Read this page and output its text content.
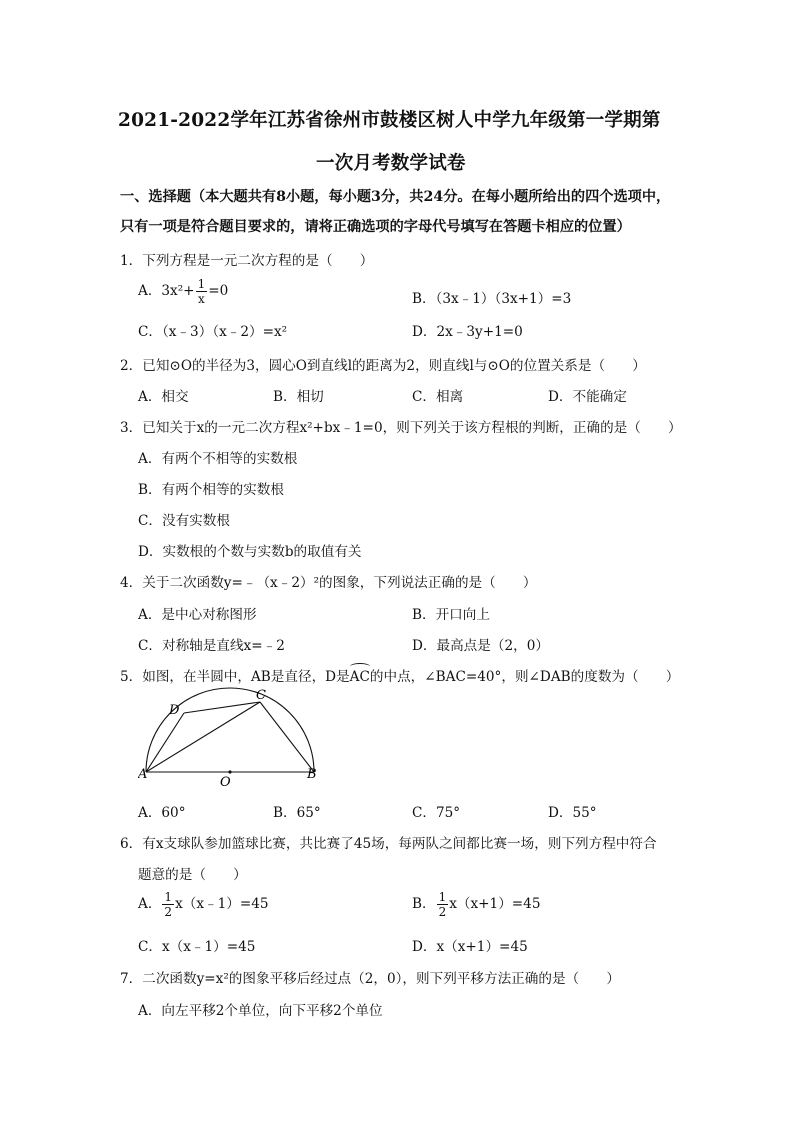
2021-2022学年江苏省徐州市鼓楼区树人中学九年级第一学期第
一次月考数学试卷
一、选择题（本大题共有8小题，每小题3分，共24分。在每小题所给出的四个选项中，
只有一项是符合题目要求的，请将正确选项的字母代号填写在答题卡相应的位置）
1．下列方程是一元二次方程的是（　　）
A．$3x^2+ \frac{1}{x} =0$	B．（3x﹣1）（3x+1）=3
C．（x﹣3）（x﹣2）=x²	D．2x﹣3y+1=0
2．已知⊙O的半径为3，圆心O到直线l的距离为2，则直线l与⊙O的位置关系是（　　）
A．相交	B．相切	C．相离	D．不能确定
3．已知关于x的一元二次方程x²+bx﹣1=0，则下列关于该方程根的判断，正确的是（　　）
A．有两个不相等的实数根
B．有两个相等的实数根
C．没有实数根
D．实数根的个数与实数b的取值有关
4．关于二次函数y=﹣（x﹣2）²的图象，下列说法正确的是（　　）
A．是中心对称图形	B．开口向上
C．对称轴是直线x=﹣2	D．最高点是（2，0）
5．如图，在半圆中，AB是直径，D是
AC的中点，∠BAC=40°，则∠DAB的度数为（　　）
A	B
C
D
O
A．60°	B．65°	C．75°	D．55°
6．有x支球队参加篮球比赛，共比赛了45场，每两队之间都比赛一场，则下列方程中符合
题意的是（　　）
A． $\frac{1}{2}$ x（x﹣1）=45	B． $\frac{1}{2} x(x+1)=45$
C．x（x﹣1）=45	D．x（x+1）=45
7．二次函数y=x²的图象平移后经过点（2，0），则下列平移方法正确的是（　　）
A．向左平移2个单位，向下平移2个单位
